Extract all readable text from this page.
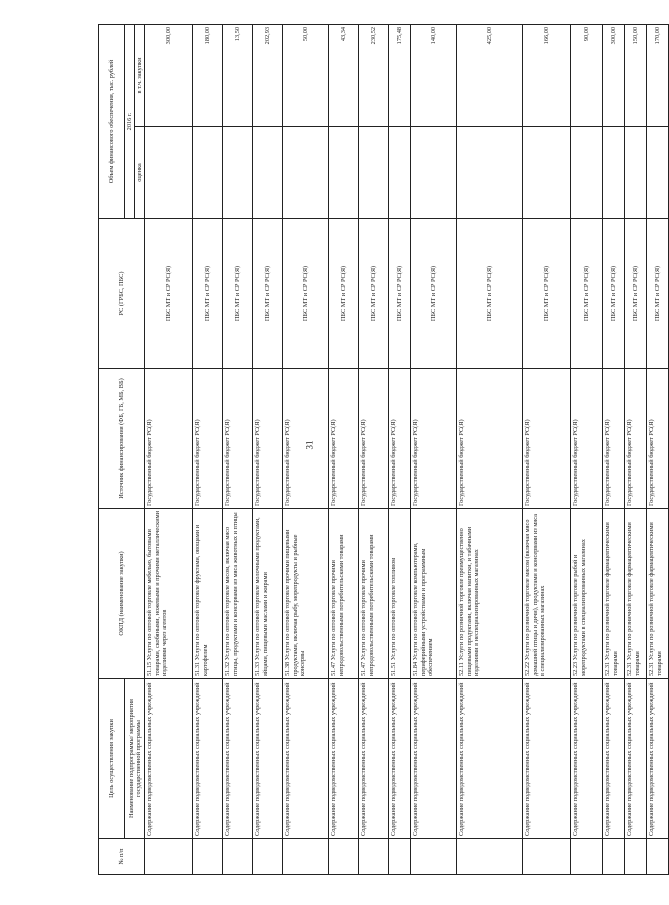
31
№ п/п	Цель осуществления закупки	ОКПД (наименование закупки)	Источник финансирования (ФБ, ГБ, МБ, ВБ)	РС (ГРБС, ПБС)	Объем финансового обеспечения, тыс. рублей	
	Наименование подпрограммы/ мероприятия государственной программы				2016 г.	
					оценка	в т.ч. закупки
	Содержание подведомственных социальных учреждений	51.15 Услуги по оптовой торговле мебелью, бытовыми товарами, скобяными, ножевыми и прочими металлическими изделиями через агентов	Государственный бюджет РС(Я)	ПБС МТ и СР РС(Я)		300,00
	Содержание подведомственных социальных учреждений	51.31 Услуги по оптовой торговле фруктами, овощами и картофелем	Государственный бюджет РС(Я)	ПБС МТ и СР РС(Я)		180,00
	Содержание подведомственных социальных учреждений	51.32 Услуги по оптовой торговле мясом, включая мясо птицы, продуктами и консервами из мяса животных и птицы	Государственный бюджет РС(Я)	ПБС МТ и СР РС(Я)		13,50
	Содержание подведомственных социальных учреждений	51.33 Услуги по оптовой торговле молочными продуктами, яйцами, пищевыми маслами и жирами	Государственный бюджет РС(Я)	ПБС МТ и СР РС(Я)		202,93
	Содержание подведомственных социальных учреждений	51.38 Услуги по оптовой торговле прочими пищевыми продуктами, включая рыбу, морепродукты и рыбные консервы	Государственный бюджет РС(Я)	ПБС МТ и СР РС(Я)		50,00
	Содержание подведомственных социальных учреждений	51.47 Услуги по оптовой торговле прочими непродовольственными потребительскими товарами	Государственный бюджет РС(Я)	ПБС МТ и СР РС(Я)		43,34
	Содержание подведомственных социальных учреждений	51.47 Услуги по оптовой торговле прочими непродовольственными потребительскими товарами	Государственный бюджет РС(Я)	ПБС МТ и СР РС(Я)		230,52
	Содержание подведомственных социальных учреждений	51.51 Услуги по оптовой торговле топливом	Государственный бюджет РС(Я)	ПБС МТ и СР РС(Я)		175,48
	Содержание подведомственных социальных учреждений	51.84 Услуги по оптовой торговле компьютерами, периферийными устройствами и программным обеспечением	Государственный бюджет РС(Я)	ПБС МТ и СР РС(Я)		140,00
	Содержание подведомственных социальных учреждений	52.11 Услуги по розничной торговле преимущественно пищевыми продуктами, включая напитки, и табачными изделиями в неспециализированных магазинах	Государственный бюджет РС(Я)	ПБС МТ и СР РС(Я)		425,00
	Содержание подведомственных социальных учреждений	52.22 Услуги по розничной торговле мясом (включая мясо домашней птицы и дичи), продуктами и консервами из мяса в специализированных магазинах	Государственный бюджет РС(Я)	ПБС МТ и СР РС(Я)		166,00
	Содержание подведомственных социальных учреждений	52.23 Услуги по розничной торговле рыбой и морепродуктами в специализированных магазинах	Государственный бюджет РС(Я)	ПБС МТ и СР РС(Я)		90,00
	Содержание подведомственных социальных учреждений	52.31 Услуги по розничной торговле фармацевтическими товарами	Государственный бюджет РС(Я)	ПБС МТ и СР РС(Я)		300,00
	Содержание подведомственных социальных учреждений	52.31 Услуги по розничной торговле фармацевтическими товарами	Государственный бюджет РС(Я)	ПБС МТ и СР РС(Я)		150,00
	Содержание подведомственных социальных учреждений	52.31 Услуги по розничной торговле фармацевтическими товарами	Государственный бюджет РС(Я)	ПБС МТ и СР РС(Я)		170,00
